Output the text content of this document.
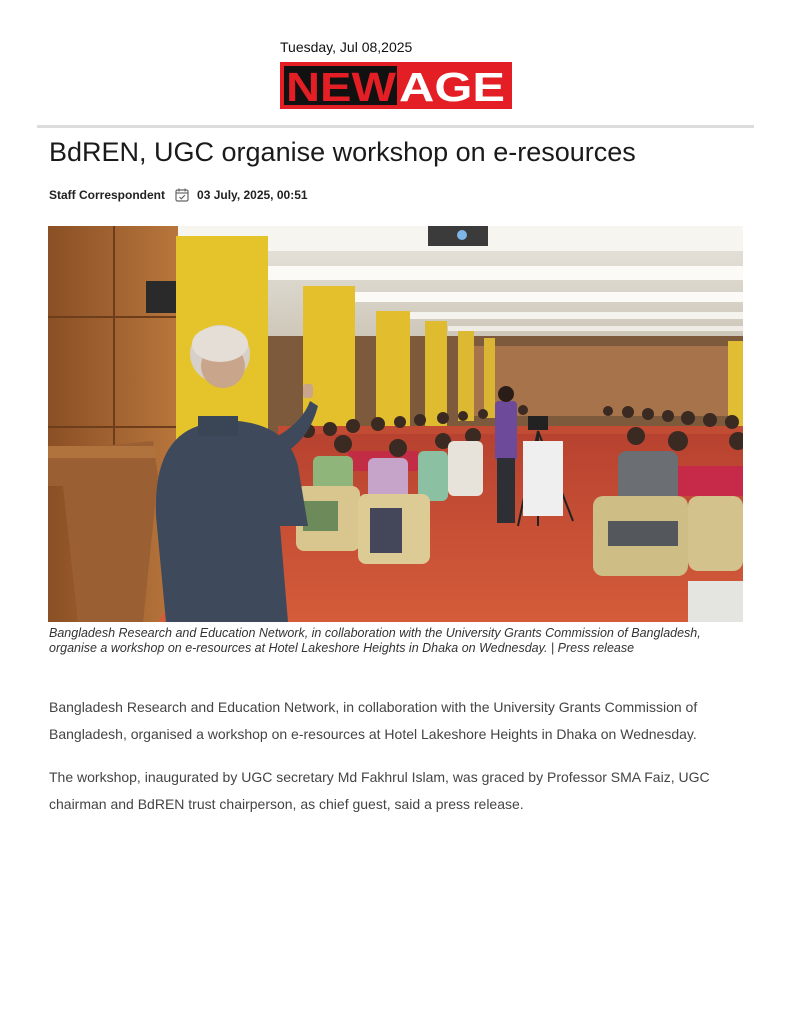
Tuesday, Jul 08,2025
NEW AGE
BdREN, UGC organise workshop on e-resources
Staff Correspondent	03 July, 2025, 00:51
Bangladesh Research and Education Network, in collaboration with the University Grants Commission of Bangladesh, organise a workshop on e-resources at Hotel Lakeshore Heights in Dhaka on Wednesday. | Press release

Bangladesh Research and Education Network, in collaboration with the University Grants Commission of Bangladesh, organised a workshop on e-resources at Hotel Lakeshore Heights in Dhaka on Wednesday.

The workshop, inaugurated by UGC secretary Md Fakhrul Islam, was graced by Professor SMA Faiz, UGC chairman and BdREN trust chairperson, as chief guest, said a press release.
